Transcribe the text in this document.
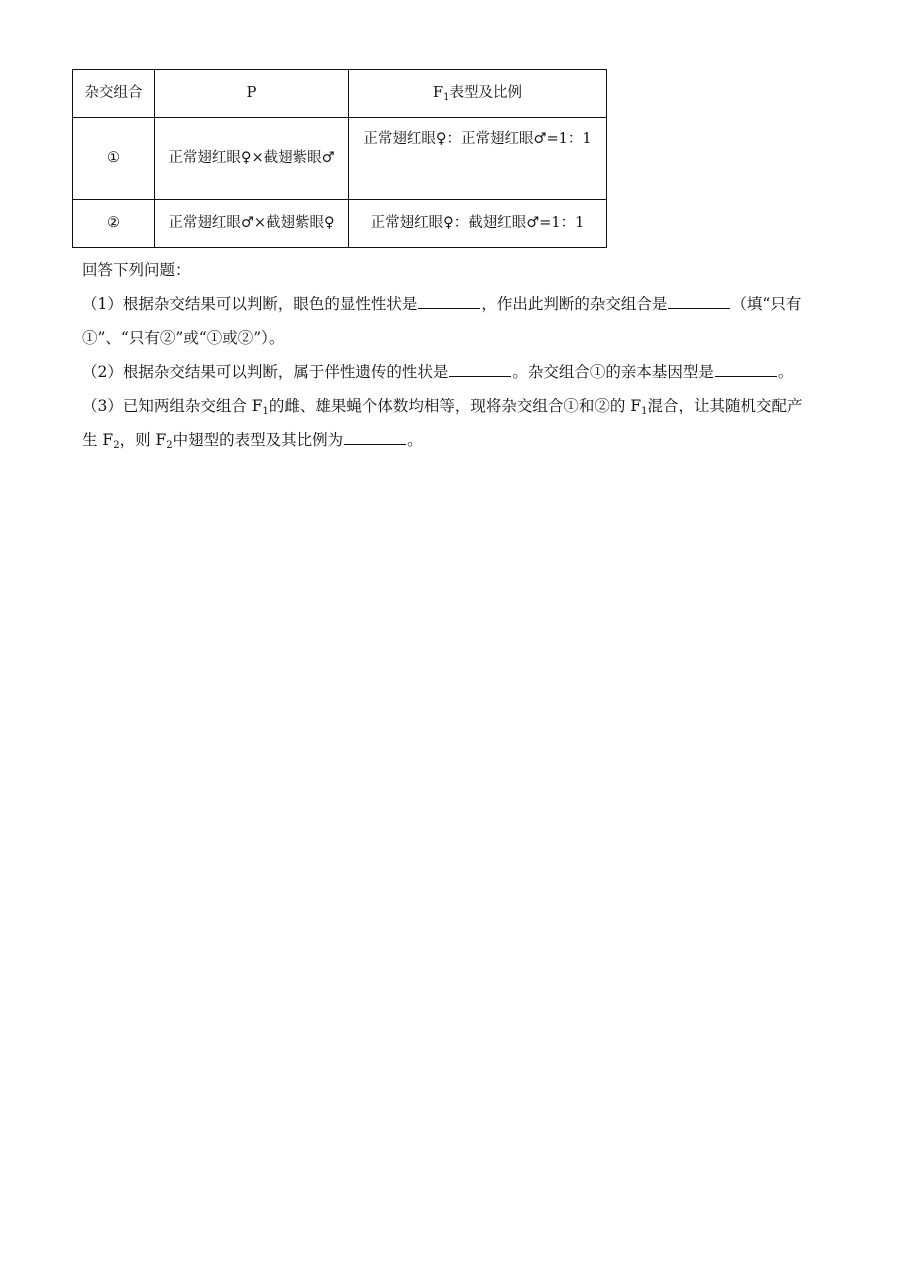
杂交组合	P	$F_1$表型及比例
①	正常翅红眼♀×截翅紫眼♂	正常翅红眼♀：正常翅红眼♂=1：1
②	正常翅红眼♂×截翅紫眼♀	正常翅红眼♀：截翅红眼♂=1：1
回答下列问题：
（1）根据杂交结果可以判断，眼色的显性性状是	，作出此判断的杂交组合是	（填“只有
①”、“只有②”或“①或②”）。
（2）根据杂交结果可以判断，属于伴性遗传的性状是	。杂交组合①的亲本基因型是	。
（3）已知两组杂交组合 $F_1$的雌、雄果蝇个体数均相等，现将杂交组合①和②的 $F_1$混合，让其随机交配产
生 $F_2$，则 $F_2$中翅型的表型及其比例为	。
